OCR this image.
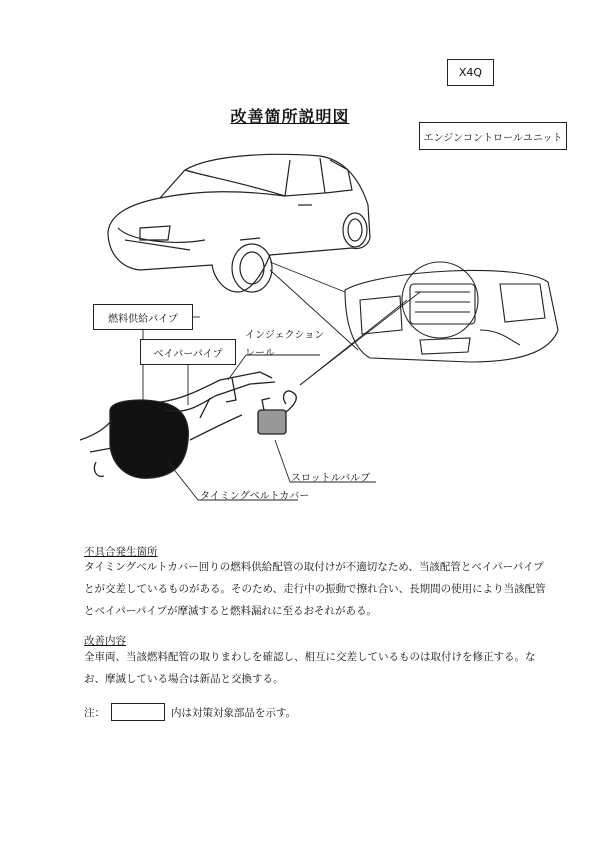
X4Q
改善箇所説明図
エンジンコントロールユニット
燃料供給パイプ
ベイパーパイプ
インジェクション
レール
スロットルバルブ
タイミングベルトカバー
不具合発生箇所
タイミングベルトカバー回りの燃料供給配管の取付けが不適切なため、当該配管とベイパーパイプとが交差しているものがある。そのため、走行中の振動で擦れ合い、長期間の使用により当該配管とベイパーパイプが摩滅すると燃料漏れに至るおそれがある。
改善内容
全車両、当該燃料配管の取りまわしを確認し、相互に交差しているものは取付けを修正する。なお、摩滅している場合は新品と交換する。
注：	内は対策対象部品を示す。
